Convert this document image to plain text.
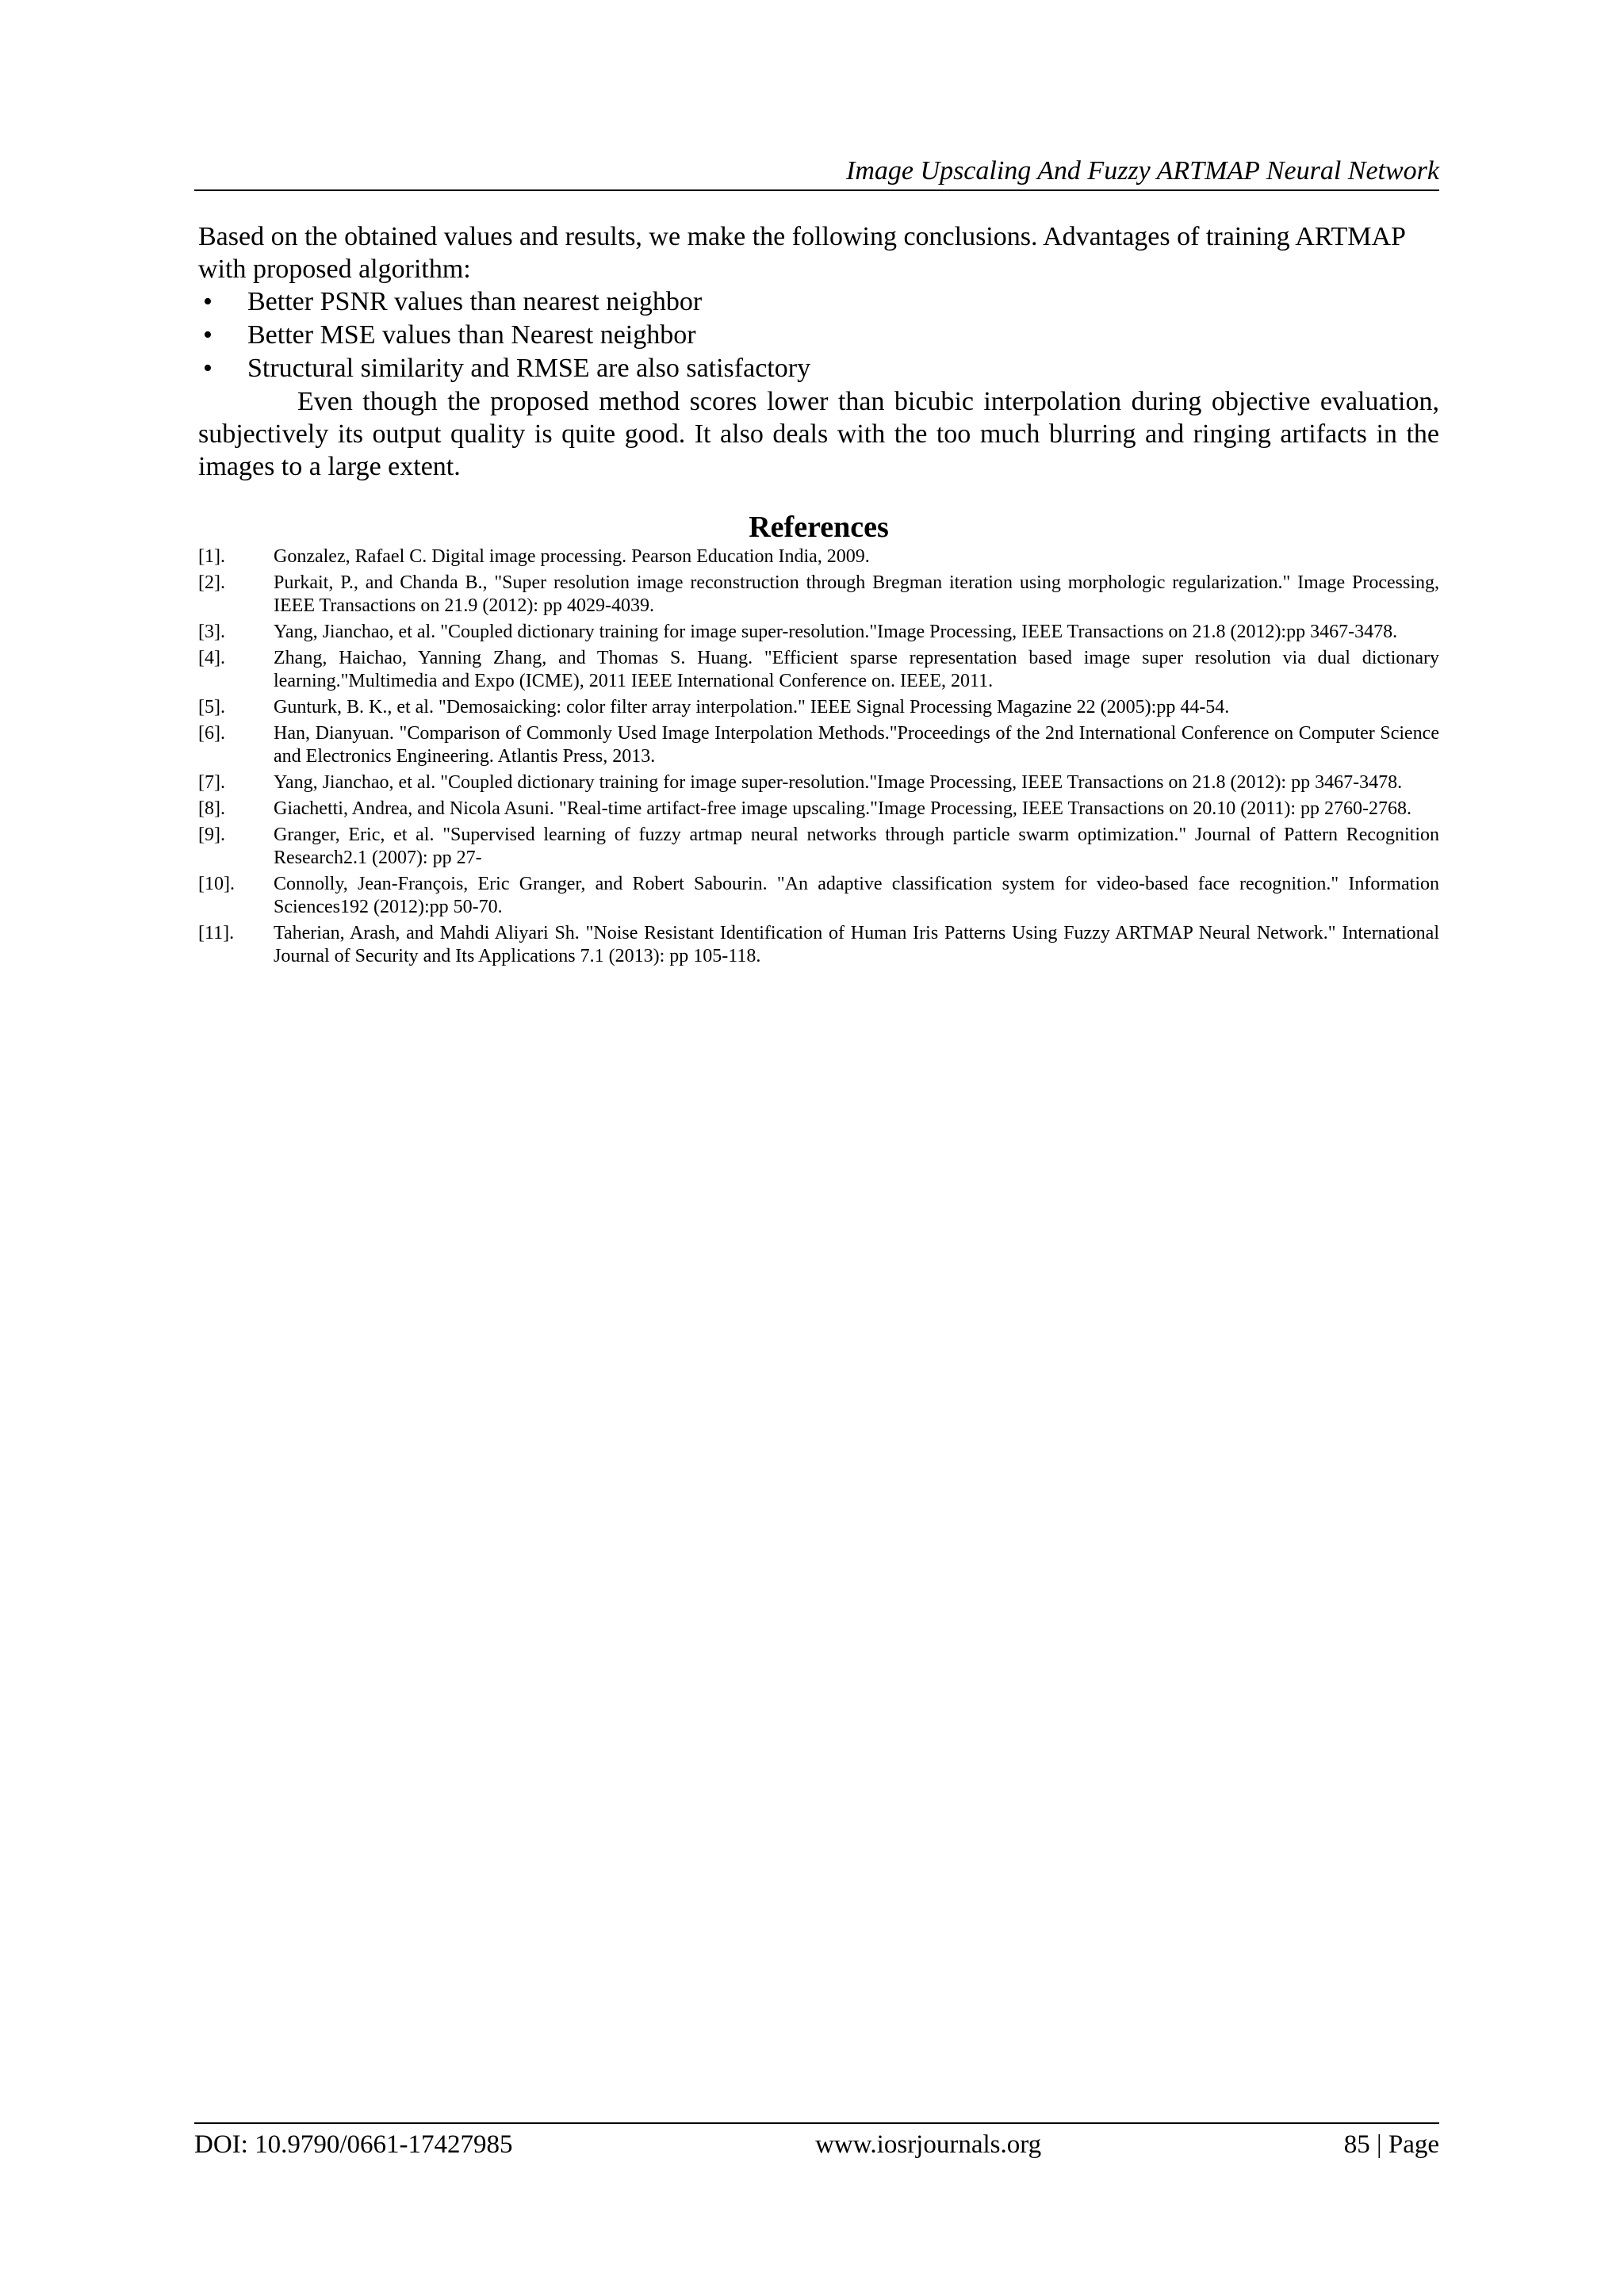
Image Upscaling And Fuzzy ARTMAP Neural Network

Based on the obtained values and results, we make the following conclusions. Advantages of training ARTMAP with proposed algorithm:

• Better PSNR values than nearest neighbor
• Better MSE values than Nearest neighbor
• Structural similarity and RMSE are also satisfactory

Even though the proposed method scores lower than bicubic interpolation during objective evaluation, subjectively its output quality is quite good. It also deals with the too much blurring and ringing artifacts in the images to a large extent.

References
[1].	Gonzalez, Rafael C. Digital image processing. Pearson Education India, 2009.
[2].	Purkait, P., and Chanda B., "Super resolution image reconstruction through Bregman iteration using morphologic regularization." Image Processing, IEEE Transactions on 21.9 (2012): pp 4029-4039.
[3].	Yang, Jianchao, et al. "Coupled dictionary training for image super-resolution."Image Processing, IEEE Transactions on 21.8 (2012):pp 3467-3478.
[4].	Zhang, Haichao, Yanning Zhang, and Thomas S. Huang. "Efficient sparse representation based image super resolution via dual dictionary learning."Multimedia and Expo (ICME), 2011 IEEE International Conference on. IEEE, 2011.
[5].	Gunturk, B. K., et al. "Demosaicking: color filter array interpolation." IEEE Signal Processing Magazine 22 (2005):pp 44-54.
[6].	Han, Dianyuan. "Comparison of Commonly Used Image Interpolation Methods."Proceedings of the 2nd International Conference on Computer Science and Electronics Engineering. Atlantis Press, 2013.
[7].	Yang, Jianchao, et al. "Coupled dictionary training for image super-resolution."Image Processing, IEEE Transactions on 21.8 (2012): pp 3467-3478.
[8].	Giachetti, Andrea, and Nicola Asuni. "Real-time artifact-free image upscaling."Image Processing, IEEE Transactions on 20.10 (2011): pp 2760-2768.
[9].	Granger, Eric, et al. "Supervised learning of fuzzy artmap neural networks through particle swarm optimization." Journal of Pattern Recognition Research2.1 (2007): pp 27-
[10].	Connolly, Jean-François, Eric Granger, and Robert Sabourin. "An adaptive classification system for video-based face recognition." Information Sciences192 (2012):pp 50-70.
[11].	Taherian, Arash, and Mahdi Aliyari Sh. "Noise Resistant Identification of Human Iris Patterns Using Fuzzy ARTMAP Neural Network." International Journal of Security and Its Applications 7.1 (2013): pp 105-118.
DOI: 10.9790/0661-17427985	www.iosrjournals.org	85 | Page
